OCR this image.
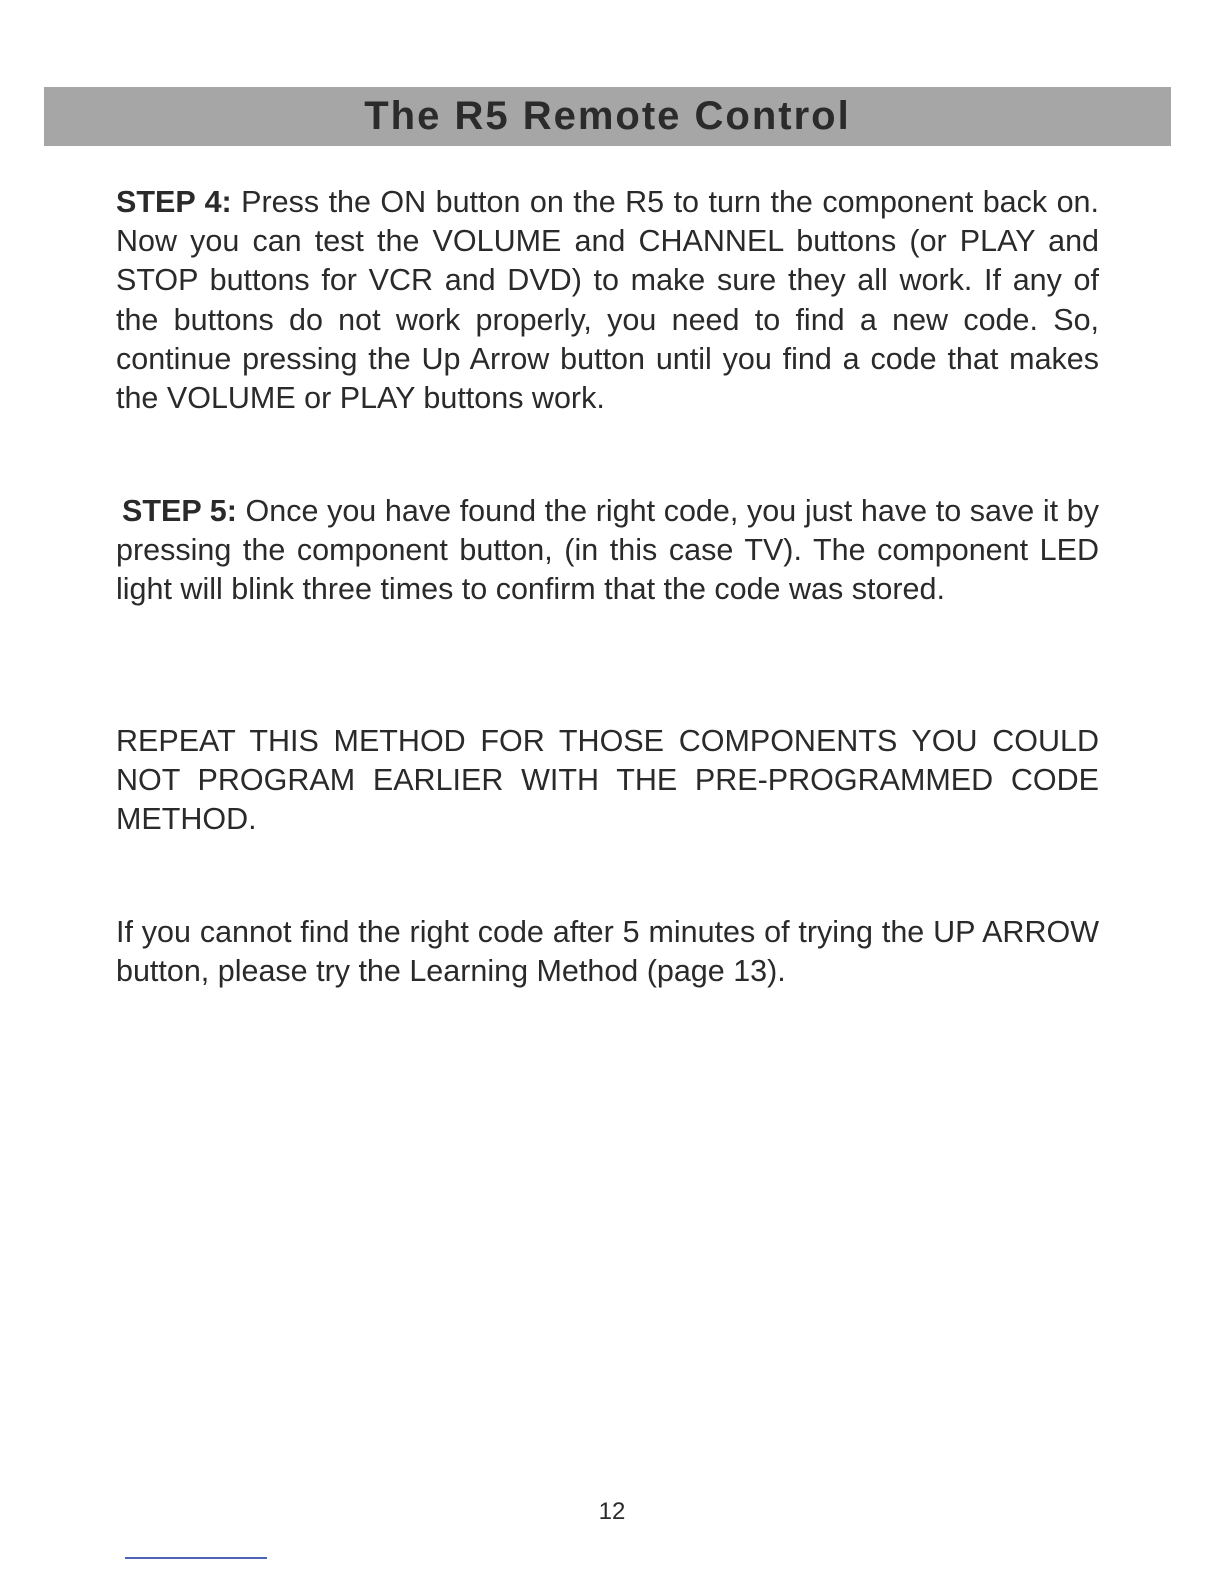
The R5 Remote Control

STEP 4: Press the ON button on the R5 to turn the component back on. Now you can test the VOLUME and CHANNEL buttons (or PLAY and STOP buttons for VCR and DVD) to make sure they all work. If any of the buttons do not work properly, you need to find a new code. So, continue pressing the Up Arrow button until you find a code that makes the VOLUME or PLAY buttons work.

STEP 5: Once you have found the right code, you just have to save it by pressing the component button, (in this case TV). The component LED light will blink three times to confirm that the code was stored.

REPEAT THIS METHOD FOR THOSE COMPONENTS YOU COULD NOT PROGRAM EARLIER WITH THE PRE-PROGRAMMED CODE METHOD.

If you cannot find the right code after 5 minutes of trying the UP ARROW button, please try the Learning Method (page 13).

12
